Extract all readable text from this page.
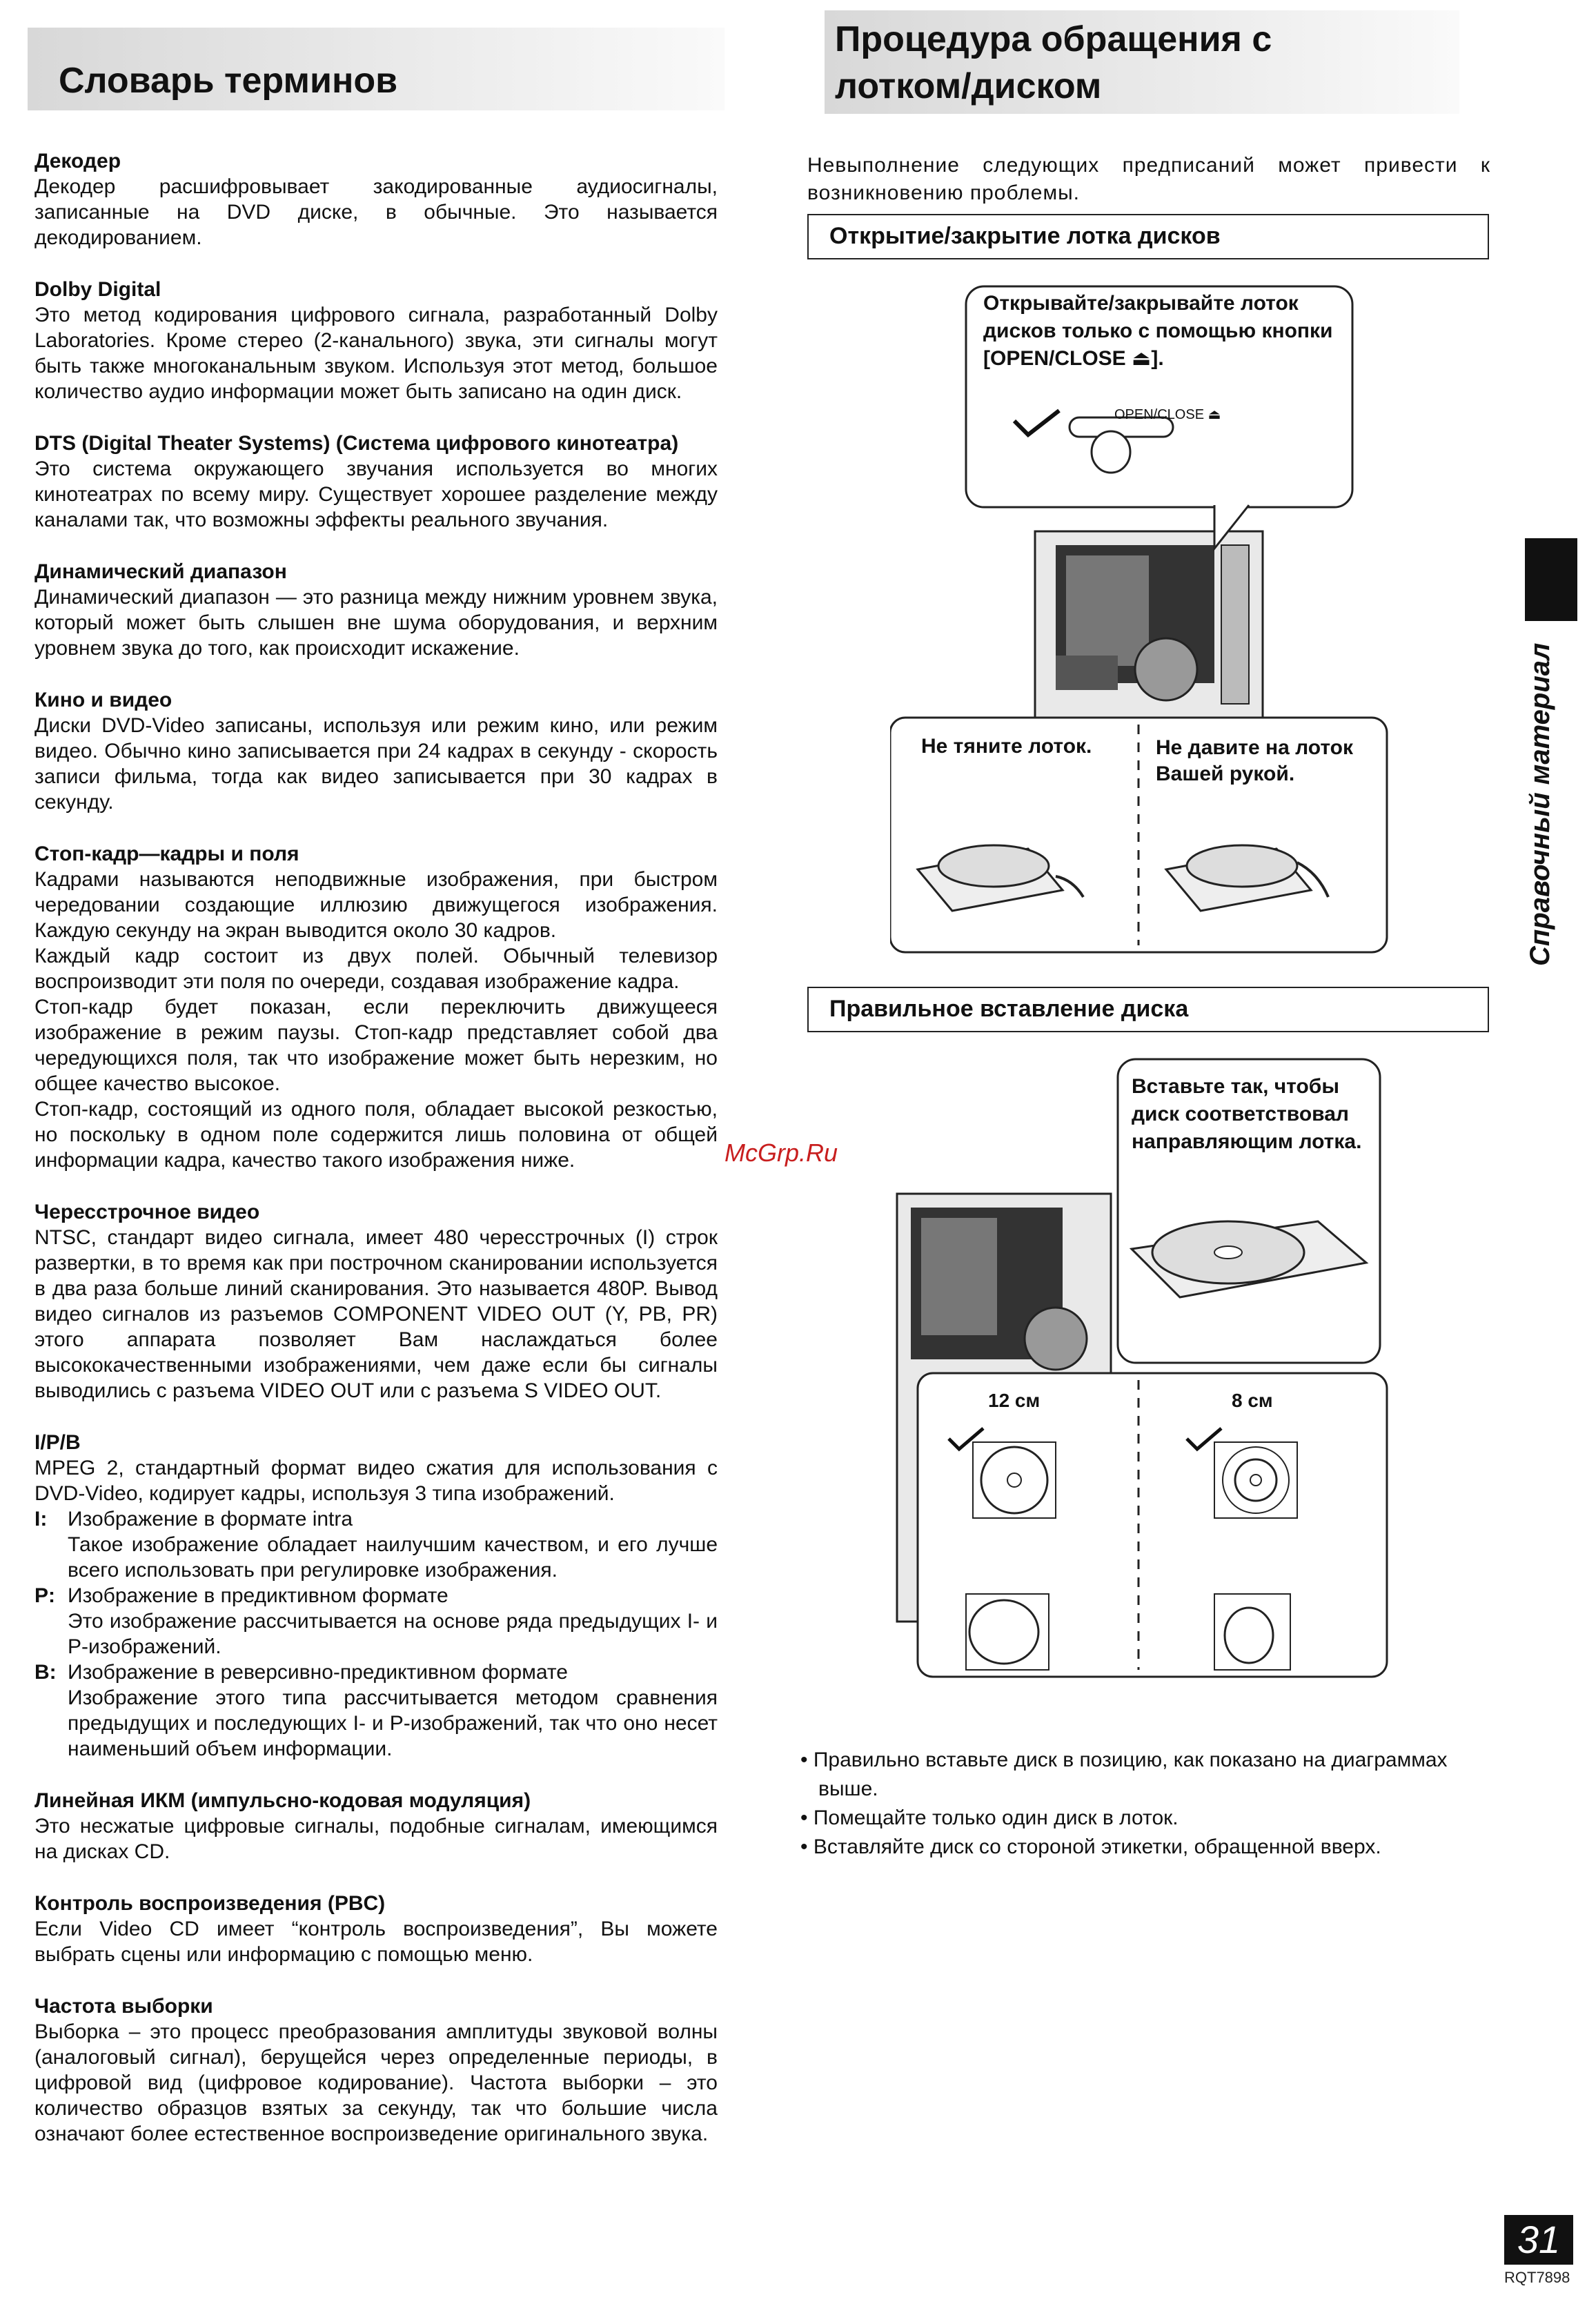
Словарь терминов
Декодер

Декодер расшифровывает закодированные аудиосигналы, записанные на DVD диске, в обычные. Это называется декодированием.

Dolby Digital

Это метод кодирования цифрового сигнала, разработанный Dolby Laboratories. Кроме стерео (2-канального) звука, эти сигналы могут быть также многоканальным звуком. Используя этот метод, большое количество аудио информации может быть записано на один диск.

DTS (Digital Theater Systems) (Система цифрового кинотеатра)

Это система окружающего звучания используется во многих кинотеатрах по всему миру. Существует хорошее разделение между каналами так, что возможны эффекты реального звучания.

Динамический диапазон

Динамический диапазон — это разница между нижним уровнем звука, который может быть слышен вне шума оборудования, и верхним уровнем звука до того, как происходит искажение.

Кино и видео

Диски DVD-Video записаны, используя или режим кино, или режим видео. Обычно кино записывается при 24 кадрах в секунду - скорость записи фильма, тогда как видео записывается при 30 кадрах в секунду.

Стоп-кадр—кадры и поля

Кадрами называются неподвижные изображения, при быстром чередовании создающие иллюзию движущегося изображения. Каждую секунду на экран выводится около 30 кадров.

Каждый кадр состоит из двух полей. Обычный телевизор воспроизводит эти поля по очереди, создавая изображение кадра.

Стоп-кадр будет показан, если переключить движущееся изображение в режим паузы. Стоп-кадр представляет собой два чередующихся поля, так что изображение может быть нерезким, но общее качество высокое.

Стоп-кадр, состоящий из одного поля, обладает высокой резкостью, но поскольку в одном поле содержится лишь половина от общей информации кадра, качество такого изображения ниже.

Чересстрочное видео

NTSC, стандарт видео сигнала, имеет 480 чересстрочных (I) строк развертки, в то время как при построчном сканировании используется в два раза больше линий сканирования. Это называется 480P. Вывод видео сигналов из разъемов COMPONENT VIDEO OUT (Y, PB, PR) этого аппарата позволяет Вам наслаждаться более высококачественными изображениями, чем даже если бы сигналы выводились с разъема VIDEO OUT или с разъема S VIDEO OUT.

I/P/B

MPEG 2, стандартный формат видео сжатия для использования с DVD-Video, кодирует кадры, используя 3 типа изображений.

I: Изображение в формате intra
Такое изображение обладает наилучшим качеством, и его лучше всего использовать при регулировке изображения.
P: Изображение в предиктивном формате
Это изображение рассчитывается на основе ряда предыдущих I- и P-изображений.
B: Изображение в реверсивно-предиктивном формате
Изображение этого типа рассчитывается методом сравнения предыдущих и последующих I- и P-изображений, так что оно несет наименьший объем информации.
Линейная ИКМ (импульсно-кодовая модуляция)

Это несжатые цифровые сигналы, подобные сигналам, имеющимся на дисках CD.

Контроль воспроизведения (PBC)

Если Video CD имеет “контроль воспроизведения”, Вы можете выбрать сцены или информацию с помощью меню.

Частота выборки

Выборка – это процесс преобразования амплитуды звуковой волны (аналоговый сигнал), берущейся через определенные периоды, в цифровой вид (цифровое кодирование). Частота выборки – это количество образцов взятых за секунду, так что большие числа означают более естественное воспроизведение оригинального звука.

Процедура обращения с
лотком/диском
Невыполнение следующих предписаний может привести к возникновению проблемы.
Открытие/закрытие лотка дисков
Открывайте/закрывайте лоток дисков только с помощью кнопки [OPEN/CLOSE ⏏].
OPEN/CLOSE ⏏
Не тяните лоток.	Не давите на лоток Вашей рукой.
Правильное вставление диска
Вставьте так, чтобы диск соответствовал направляющим лотка.
12 см	8 см
• Правильно вставьте диск в позицию, как показано на диаграммах выше.
• Помещайте только один диск в лоток.
• Вставляйте диск со стороной этикетки, обращенной вверх.
Справочный материал
McGrp.Ru
31
RQT7898
